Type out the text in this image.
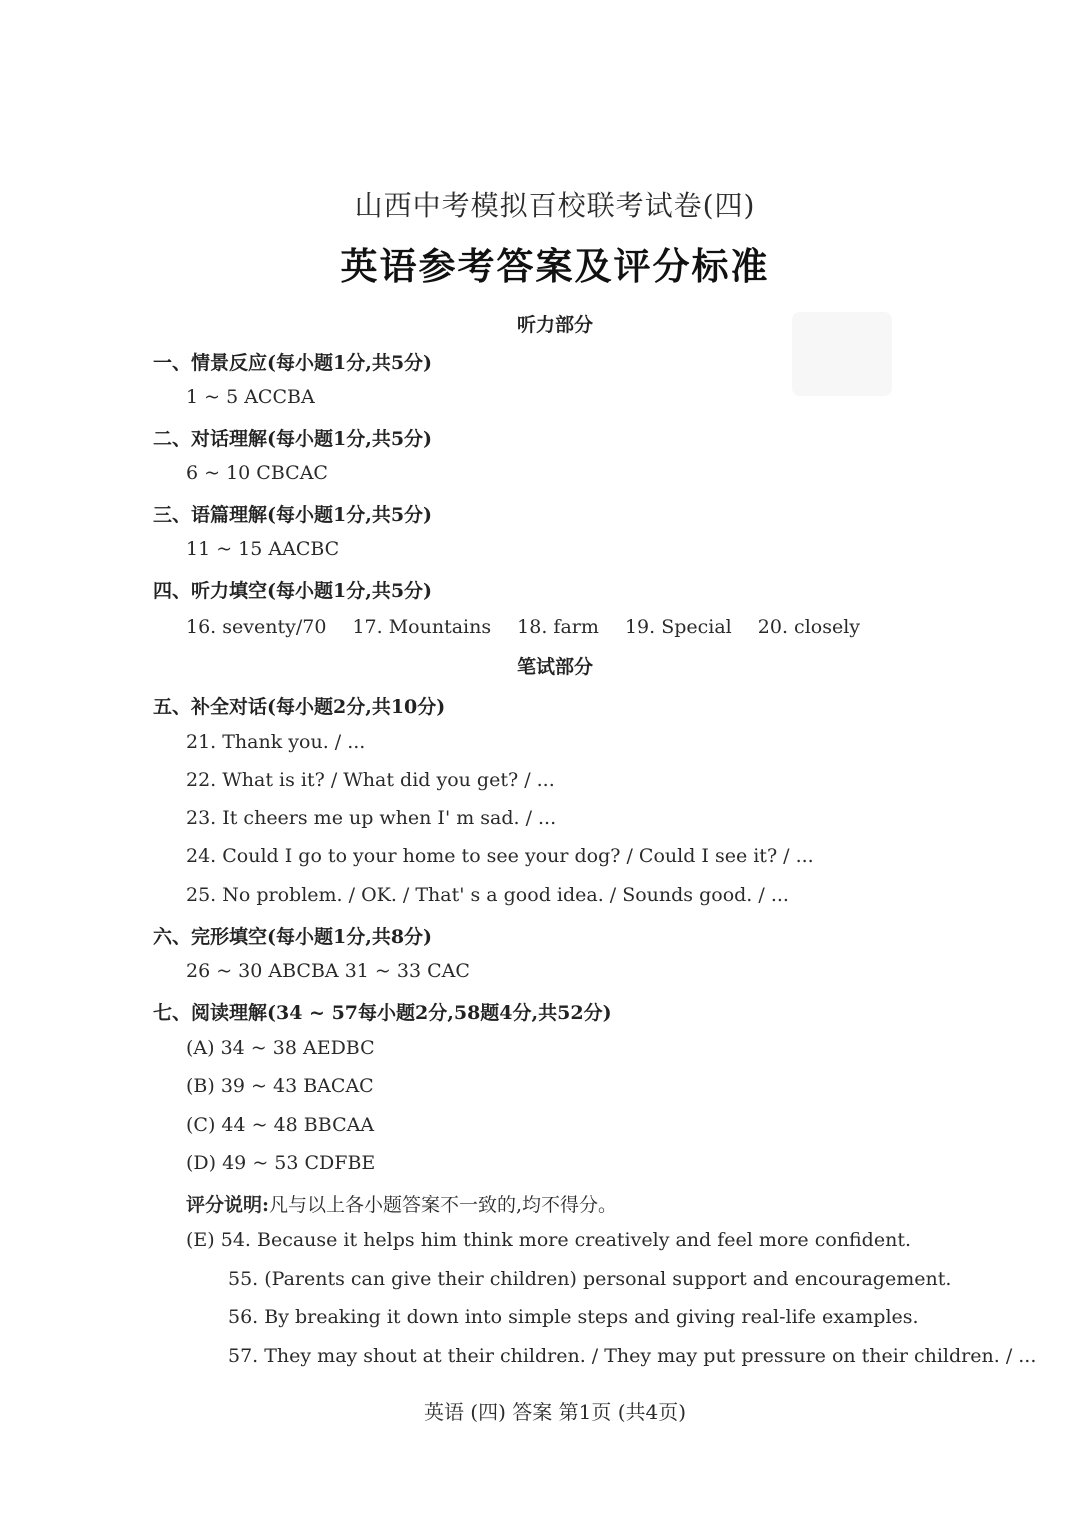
山西中考模拟百校联考试卷(四)
英语参考答案及评分标准
听力部分
一、情景反应(每小题1分,共5分)
1 ~ 5 ACCBA
二、对话理解(每小题1分,共5分)
6 ~ 10 CBCAC
三、语篇理解(每小题1分,共5分)
11 ~ 15 AACBC
四、听力填空(每小题1分,共5分)
16. seventy/70 17. Mountains 18. farm 19. Special 20. closely
笔试部分
五、补全对话(每小题2分,共10分)
21. Thank you. / ...
22. What is it? / What did you get? / ...
23. It cheers me up when I' m sad. / ...
24. Could I go to your home to see your dog? / Could I see it? / ...
25. No problem. / OK. / That' s a good idea. / Sounds good. / ...
六、完形填空(每小题1分,共8分)
26 ~ 30 ABCBA 31 ~ 33 CAC
七、阅读理解(34 ~ 57每小题2分,58题4分,共52分)
(A) 34 ~ 38 AEDBC
(B) 39 ~ 43 BACAC
(C) 44 ~ 48 BBCAA
(D) 49 ~ 53 CDFBE
评分说明:凡与以上各小题答案不一致的,均不得分。
(E) 54. Because it helps him think more creatively and feel more confident.
55. (Parents can give their children) personal support and encouragement.
56. By breaking it down into simple steps and giving real-life examples.
57. They may shout at their children. / They may put pressure on their children. / ...
英语 (四) 答案 第1页 (共4页)
